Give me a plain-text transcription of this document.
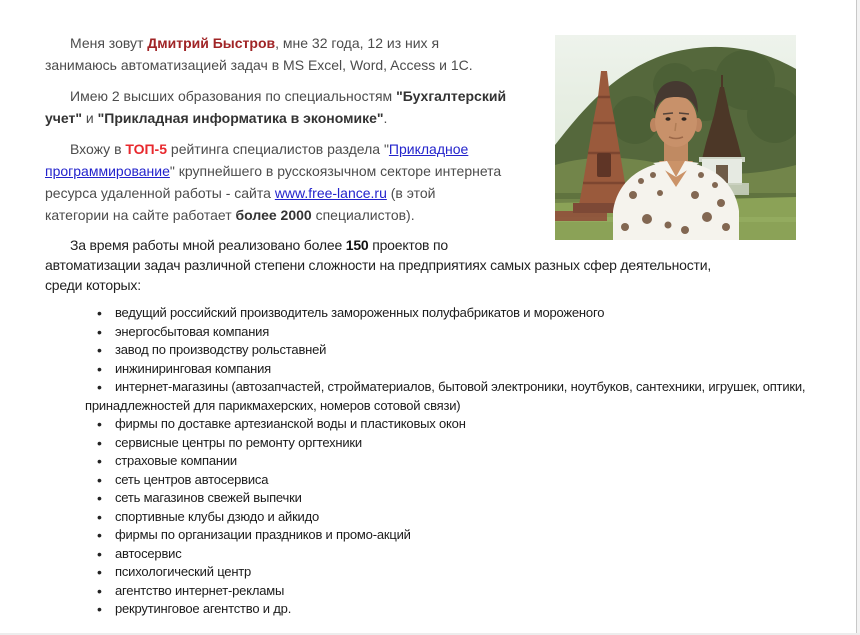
Меня зовут Дмитрий Быстров, мне 32 года, 12 из них я
занимаюсь автоматизацией задач в MS Excel, Word, Access и 1С.

Имею 2 высших образования по специальностям "Бухгалтерский
учет" и "Прикладная информатика в экономике".

Вхожу в ТОП-5 рейтинга специалистов раздела "Прикладное
программирование" крупнейшего в русскоязычном секторе интернета
ресурса удаленной работы - сайта www.free-lance.ru (в этой
категории на сайте работает более 2000 специалистов).

За время работы мной реализовано более 150 проектов по
автоматизации задач различной степени сложности на предприятиях самых разных сфер деятельности,
среди которых:

• ведущий российский производитель замороженных полуфабрикатов и мороженого
• энергосбытовая компания
• завод по производству рольставней
• инжиниринговая компания
• интернет-магазины (автозапчастей, стройматериалов, бытовой электроники, ноутбуков, сантехники, игрушек, оптики, принадлежностей для парикмахерских, номеров сотовой связи)
• фирмы по доставке артезианской воды и пластиковых окон
• сервисные центры по ремонту оргтехники
• страховые компании
• сеть центров автосервиса
• сеть магазинов свежей выпечки
• спортивные клубы дзюдо и айкидо
• фирмы по организации праздников и промо-акций
• автосервис
• психологический центр
• агентство интернет-рекламы
• рекрутинговое агентство и др.
